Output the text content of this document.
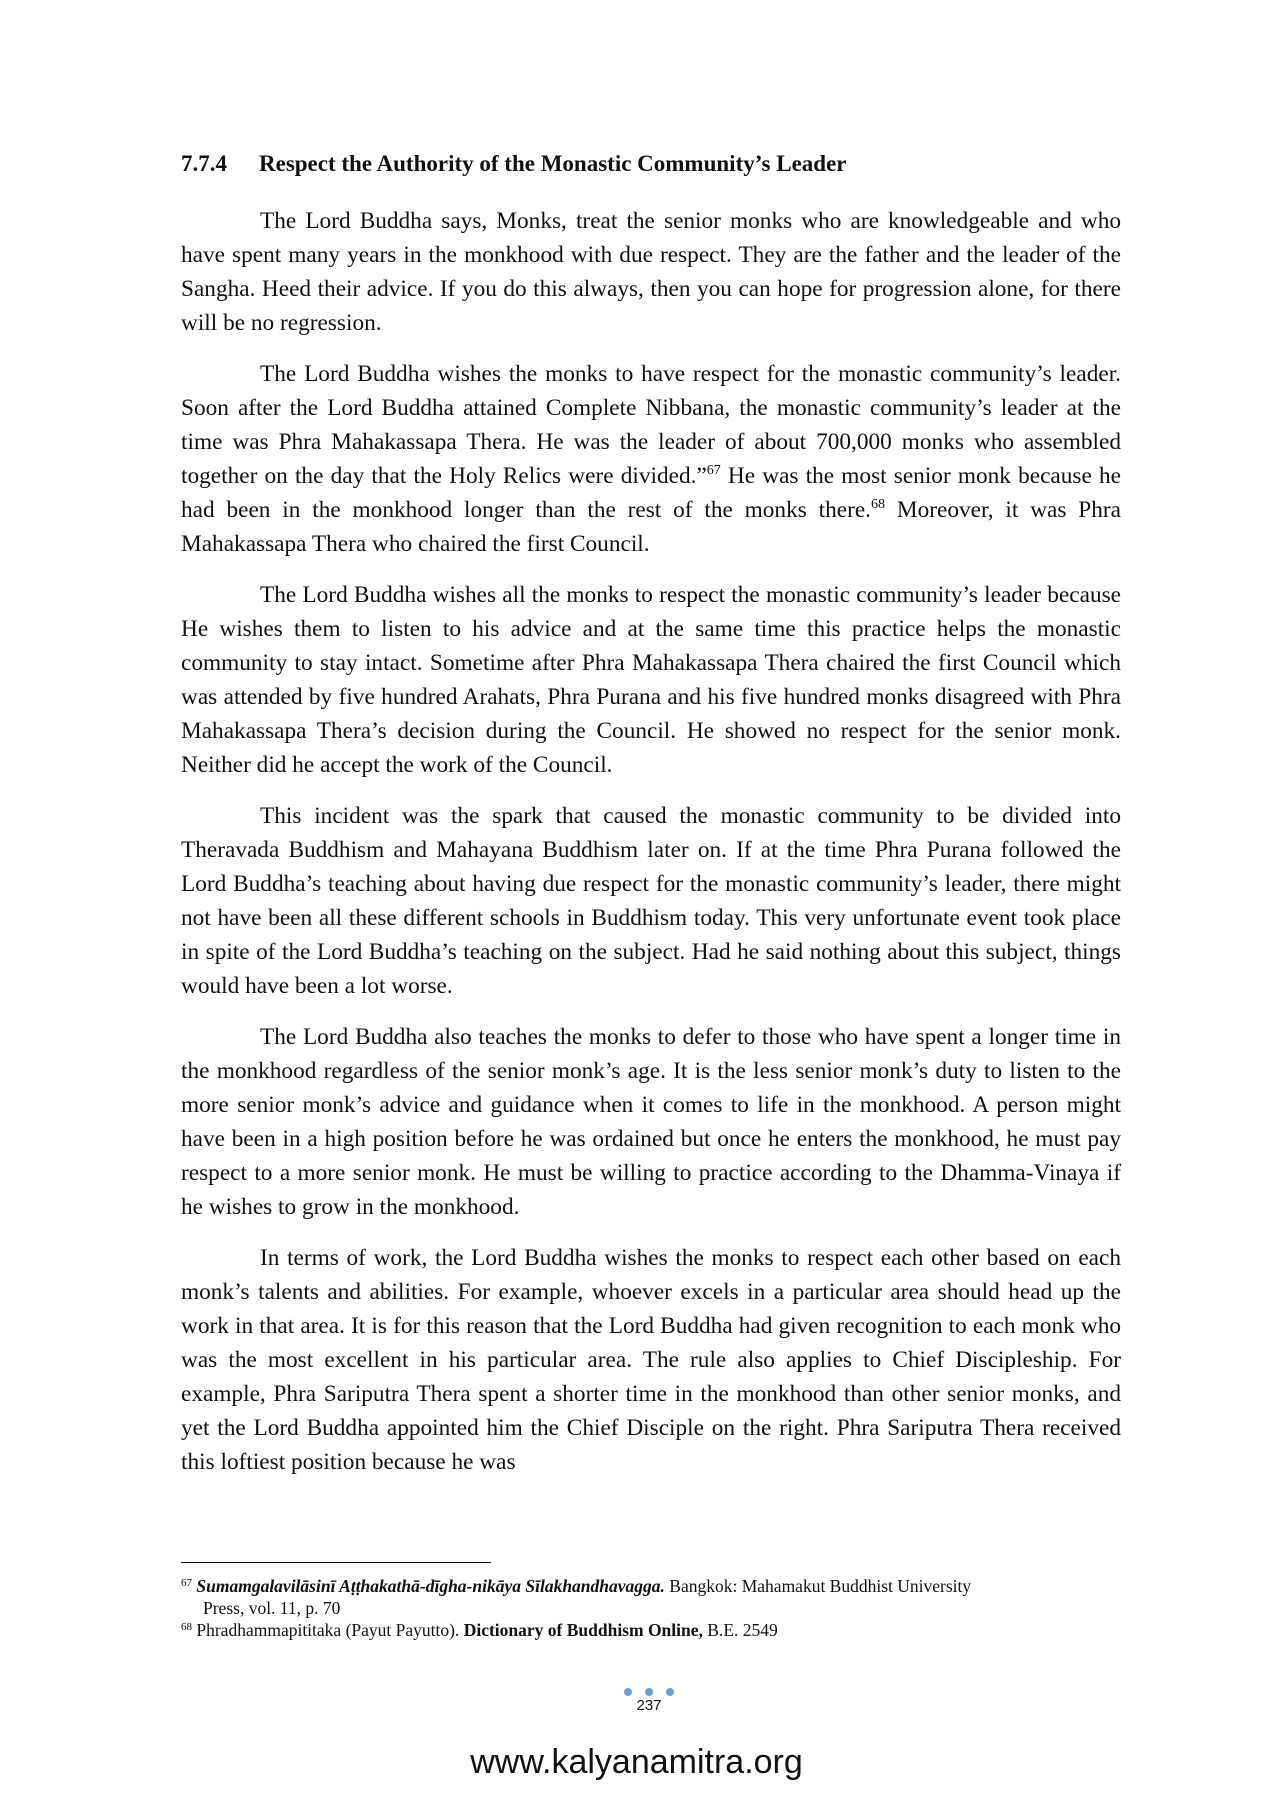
7.7.4 Respect the Authority of the Monastic Community’s Leader

The Lord Buddha says, Monks, treat the senior monks who are knowledgeable and who have spent many years in the monkhood with due respect. They are the father and the leader of the Sangha. Heed their advice. If you do this always, then you can hope for progression alone, for there will be no regression.

The Lord Buddha wishes the monks to have respect for the monastic community’s leader. Soon after the Lord Buddha attained Complete Nibbana, the monastic community’s leader at the time was Phra Mahakassapa Thera. He was the leader of about 700,000 monks who assembled together on the day that the Holy Relics were divided.”$^{67}$ He was the most senior monk because he had been in the monkhood longer than the rest of the monks there.$^{68}$ Moreover, it was Phra Mahakassapa Thera who chaired the first Council.

The Lord Buddha wishes all the monks to respect the monastic community’s leader because He wishes them to listen to his advice and at the same time this practice helps the monastic community to stay intact. Sometime after Phra Mahakassapa Thera chaired the first Council which was attended by five hundred Arahats, Phra Purana and his five hundred monks disagreed with Phra Mahakassapa Thera’s decision during the Council. He showed no respect for the senior monk. Neither did he accept the work of the Council.

This incident was the spark that caused the monastic community to be divided into Theravada Buddhism and Mahayana Buddhism later on. If at the time Phra Purana followed the Lord Buddha’s teaching about having due respect for the monastic community’s leader, there might not have been all these different schools in Buddhism today. This very unfortunate event took place in spite of the Lord Buddha’s teaching on the subject. Had he said nothing about this subject, things would have been a lot worse.

The Lord Buddha also teaches the monks to defer to those who have spent a longer time in the monkhood regardless of the senior monk’s age. It is the less senior monk’s duty to listen to the more senior monk’s advice and guidance when it comes to life in the monkhood. A person might have been in a high position before he was ordained but once he enters the monkhood, he must pay respect to a more senior monk. He must be willing to practice according to the Dhamma-Vinaya if he wishes to grow in the monkhood.

In terms of work, the Lord Buddha wishes the monks to respect each other based on each monk’s talents and abilities. For example, whoever excels in a particular area should head up the work in that area. It is for this reason that the Lord Buddha had given recognition to each monk who was the most excellent in his particular area. The rule also applies to Chief Discipleship. For example, Phra Sariputra Thera spent a shorter time in the monkhood than other senior monks, and yet the Lord Buddha appointed him the Chief Disciple on the right. Phra Sariputra Thera received this loftiest position because he was

$^{67}$ Sumamgalavilāsinī Aṭṭhakathā-dīgha-nikāya Sīlakhandhavagga. Bangkok: Mahamakut Buddhist University
Press, vol. 11, p. 70
$^{68}$ Phradhammapititaka (Payut Payutto). Dictionary of Buddhism Online, B.E. 2549
237
www.kalyanamitra.org
